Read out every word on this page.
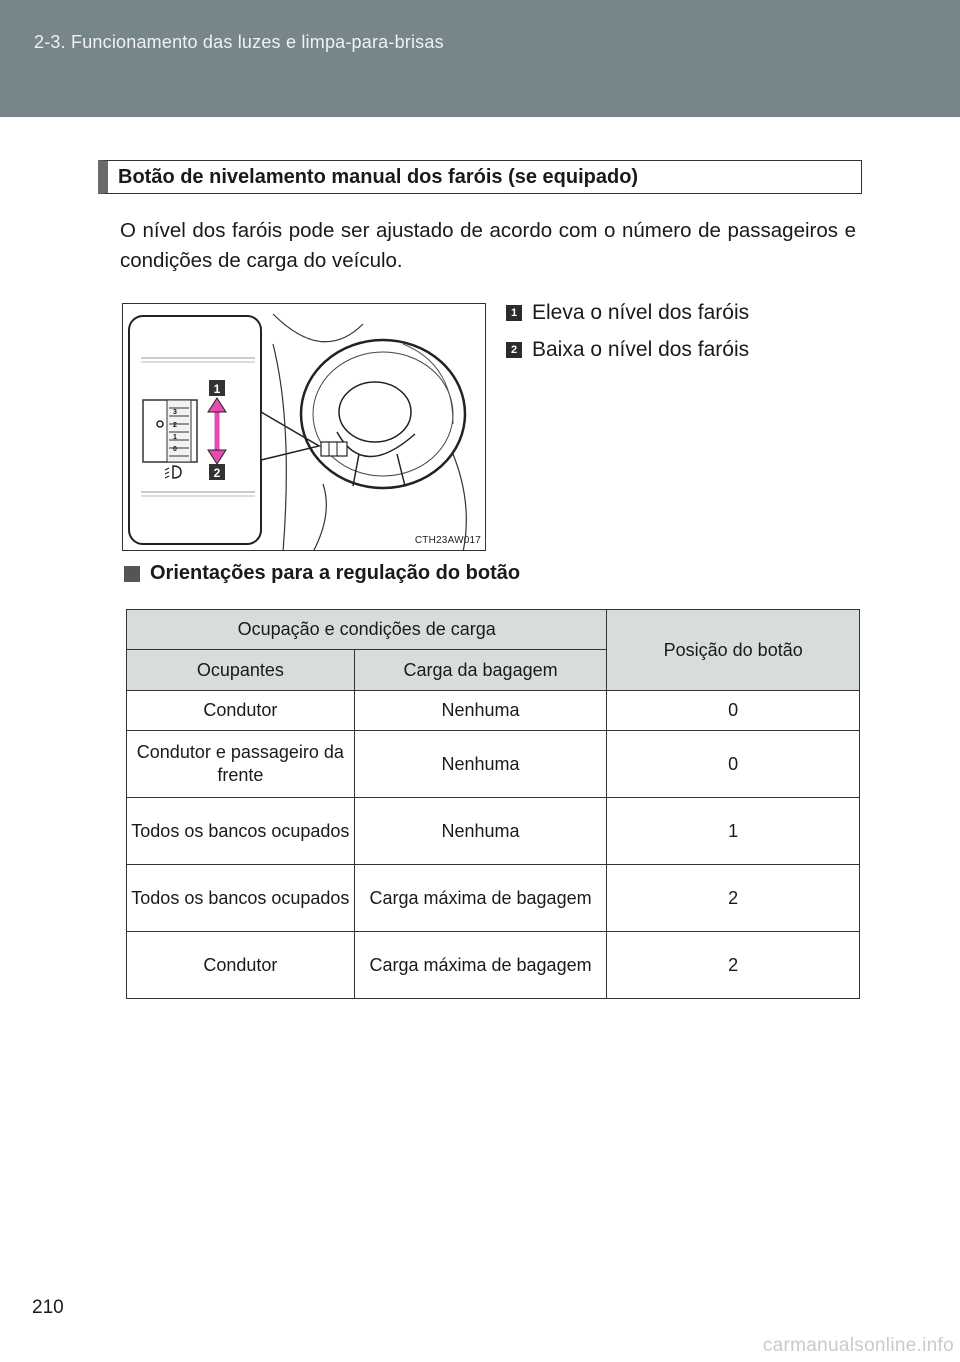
2-3. Funcionamento das luzes e limpa-para-brisas
Botão de nivelamento manual dos faróis (se equipado)

O nível dos faróis pode ser ajustado de acordo com o número de passageiros e condições de carga do veículo.

3
2
1
0
1
2
CTH23AW017
1 Eleva o nível dos faróis
2 Baixa o nível dos faróis
Orientações para a regulação do botão
Ocupação e condições de carga		Posição do botão
Ocupantes	Carga da bagagem	
Condutor	Nenhuma	0
Condutor e passageiro da frente	Nenhuma	0
Todos os bancos ocupados	Nenhuma	1
Todos os bancos ocupados	Carga máxima de bagagem	2
Condutor	Carga máxima de bagagem	2
210
carmanualsonline.info
